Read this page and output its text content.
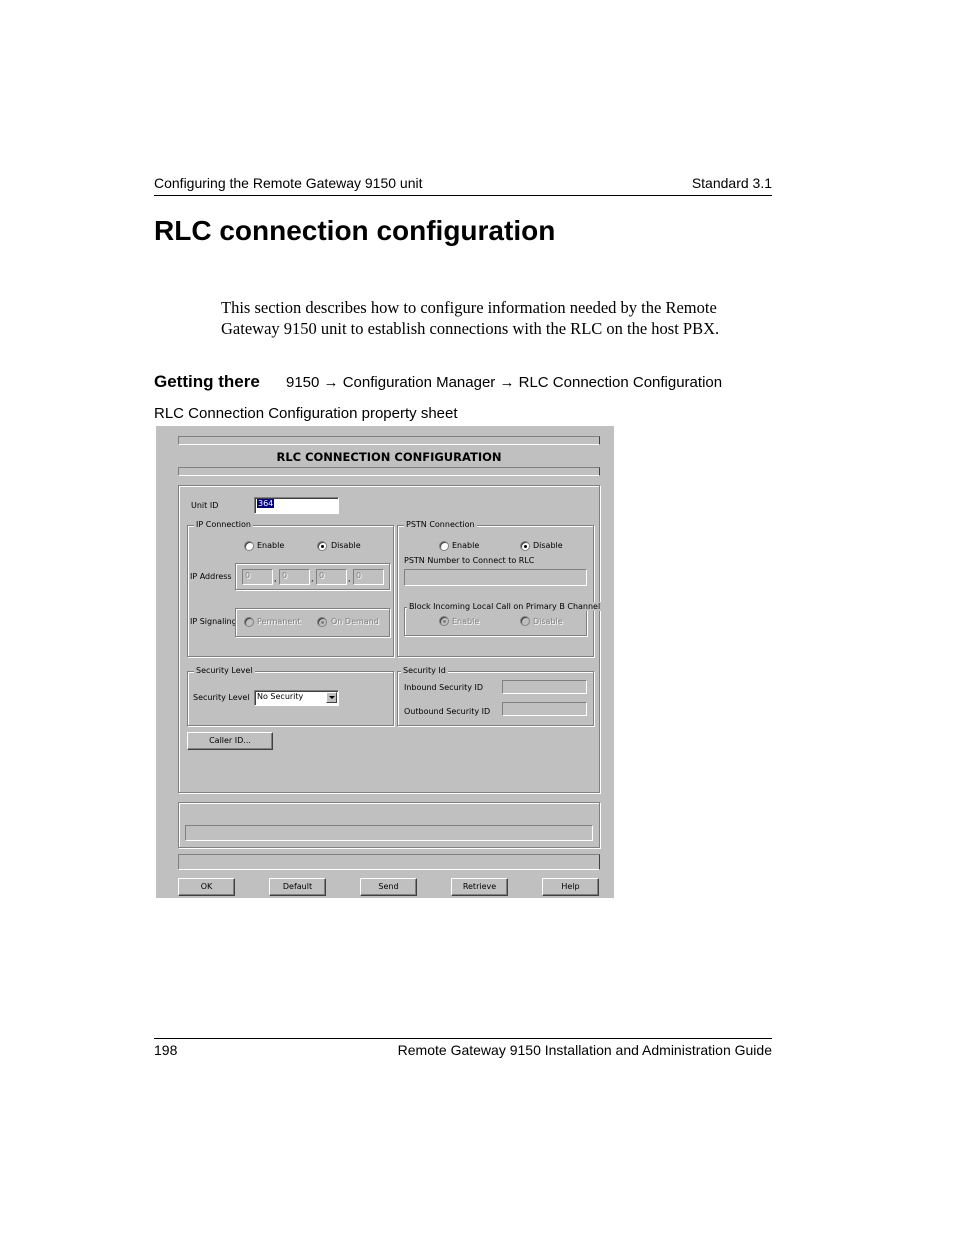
Configuring the Remote Gateway 9150 unit	Standard 3.1
RLC connection configuration
This section describes how to configure information needed by the Remote Gateway 9150 unit to establish connections with the RLC on the host PBX.
Getting there 9150 → Configuration Manager → RLC Connection Configuration
RLC Connection Configuration property sheet
RLC CONNECTION CONFIGURATION
Unit ID	364
IP Connection
Enable	Disable
IP Address	0	, 0	, 0	, 0
IP Signaling	Permanent	On Demand
PSTN Connection
Enable	Disable
PSTN Number to Connect to RLC
Block Incoming Local Call on Primary B Channel
Enable	Disable
Security Level
Security Level No Security
Security Id
Inbound Security ID
Outbound Security ID
Caller ID...
OK	Default	Send	Retrieve	Help
198	Remote Gateway 9150 Installation and Administration Guide
